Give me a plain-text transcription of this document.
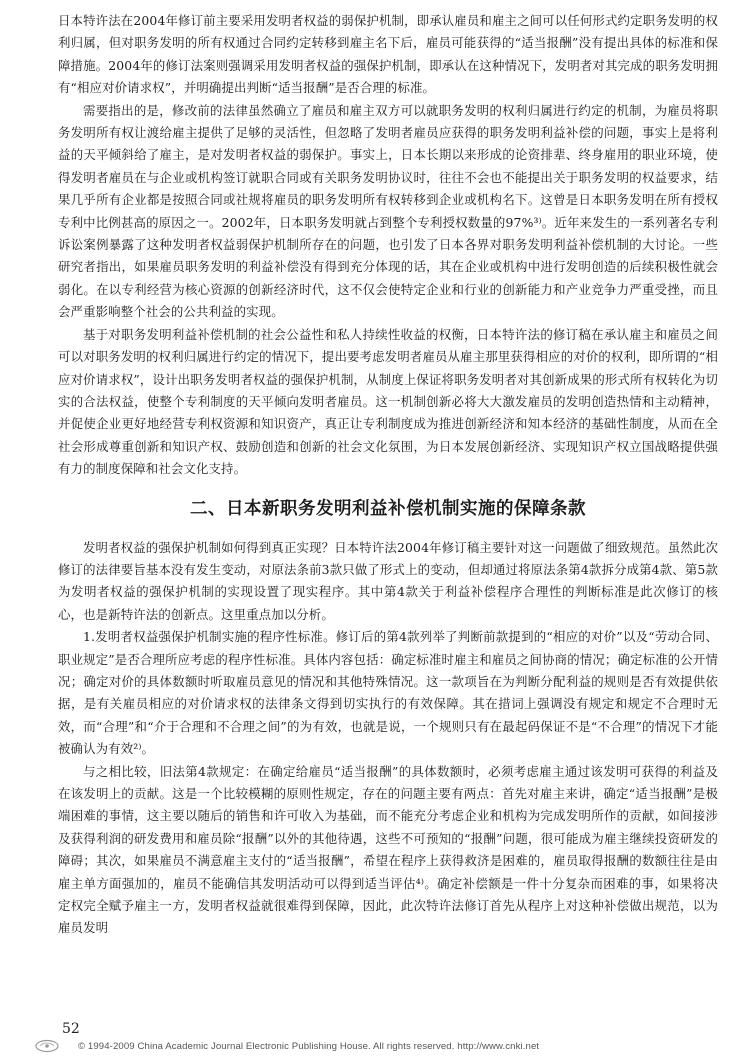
日本特许法在2004年修订前主要采用发明者权益的弱保护机制，即承认雇员和雇主之间可以任何形式约定职务发明的权利归属，但对职务发明的所有权通过合同约定转移到雇主名下后，雇员可能获得的“适当报酬”没有提出具体的标准和保障措施。2004年的修订法案则强调采用发明者权益的强保护机制，即承认在这种情况下，发明者对其完成的职务发明拥有“相应对价请求权”，并明确提出判断“适当报酬”是否合理的标准。

需要指出的是，修改前的法律虽然确立了雇员和雇主双方可以就职务发明的权利归属进行约定的机制，为雇员将职务发明所有权让渡给雇主提供了足够的灵活性，但忽略了发明者雇员应获得的职务发明利益补偿的问题，事实上是将利益的天平倾斜给了雇主，是对发明者权益的弱保护。事实上，日本长期以来形成的论资排辈、终身雇用的职业环境，使得发明者雇员在与企业或机构签订就职合同或有关职务发明协议时，往往不会也不能提出关于职务发明的权益要求，结果几乎所有企业都是按照合同或社规将雇员的职务发明所有权转移到企业或机构名下。这曾是日本职务发明在所有授权专利中比例甚高的原因之一。2002年，日本职务发明就占到整个专利授权数量的97%³⁾。近年来发生的一系列著名专利诉讼案例暴露了这种发明者权益弱保护机制所存在的问题，也引发了日本各界对职务发明利益补偿机制的大讨论。一些研究者指出，如果雇员职务发明的利益补偿没有得到充分体现的话，其在企业或机构中进行发明创造的后续积极性就会弱化。在以专利经营为核心资源的创新经济时代，这不仅会使特定企业和行业的创新能力和产业竞争力严重受挫，而且会严重影响整个社会的公共利益的实现。

基于对职务发明利益补偿机制的社会公益性和私人持续性收益的权衡，日本特许法的修订稿在承认雇主和雇员之间可以对职务发明的权利归属进行约定的情况下，提出要考虑发明者雇员从雇主那里获得相应的对价的权利，即所谓的“相应对价请求权”，设计出职务发明者权益的强保护机制，从制度上保证将职务发明者对其创新成果的形式所有权转化为切实的合法权益，使整个专利制度的天平倾向发明者雇员。这一机制创新必将大大激发雇员的发明创造热情和主动精神，并促使企业更好地经营专利权资源和知识资产，真正让专利制度成为推进创新经济和知本经济的基础性制度，从而在全社会形成尊重创新和知识产权、鼓励创造和创新的社会文化氛围，为日本发展创新经济、实现知识产权立国战略提供强有力的制度保障和社会文化支持。

二、日本新职务发明利益补偿机制实施的保障条款

发明者权益的强保护机制如何得到真正实现？日本特许法2004年修订稿主要针对这一问题做了细致规范。虽然此次修订的法律要旨基本没有发生变动，对原法条前3款只做了形式上的变动，但却通过将原法条第4款拆分成第4款、第5款为发明者权益的强保护机制的实现设置了现实程序。其中第4款关于利益补偿程序合理性的判断标准是此次修订的核心，也是新特许法的创新点。这里重点加以分析。

1.发明者权益强保护机制实施的程序性标准。修订后的第4款列举了判断前款提到的“相应的对价”以及“劳动合同、职业规定”是否合理所应考虑的程序性标准。具体内容包括：确定标准时雇主和雇员之间协商的情况；确定标准的公开情况；确定对价的具体数额时听取雇员意见的情况和其他特殊情况。这一款项旨在为判断分配利益的规则是否有效提供依据，是有关雇员相应的对价请求权的法律条文得到切实执行的有效保障。其在措词上强调没有规定和规定不合理时无效，而“合理”和“介于合理和不合理之间”的为有效，也就是说，一个规则只有在最起码保证不是“不合理”的情况下才能被确认为有效²⁾。

与之相比较，旧法第4款规定：在确定给雇员“适当报酬”的具体数额时，必须考虑雇主通过该发明可获得的利益及在该发明上的贡献。这是一个比较模糊的原则性规定，存在的问题主要有两点：首先对雇主来讲，确定“适当报酬”是极端困难的事情，这主要以随后的销售和许可收入为基础，而不能充分考虑企业和机构为完成发明所作的贡献，如间接涉及获得利润的研发费用和雇员除“报酬”以外的其他待遇，这些不可预知的“报酬”问题，很可能成为雇主继续投资研发的障碍；其次，如果雇员不满意雇主支付的“适当报酬”，希望在程序上获得救济是困难的，雇员取得报酬的数额往往是由雇主单方面强加的，雇员不能确信其发明活动可以得到适当评估⁴⁾。确定补偿额是一件十分复杂而困难的事，如果将决定权完全赋予雇主一方，发明者权益就很难得到保障，因此，此次特许法修订首先从程序上对这种补偿做出规范，以为雇员发明

52
© 1994-2009 China Academic Journal Electronic Publishing House. All rights reserved. http://www.cnki.net
